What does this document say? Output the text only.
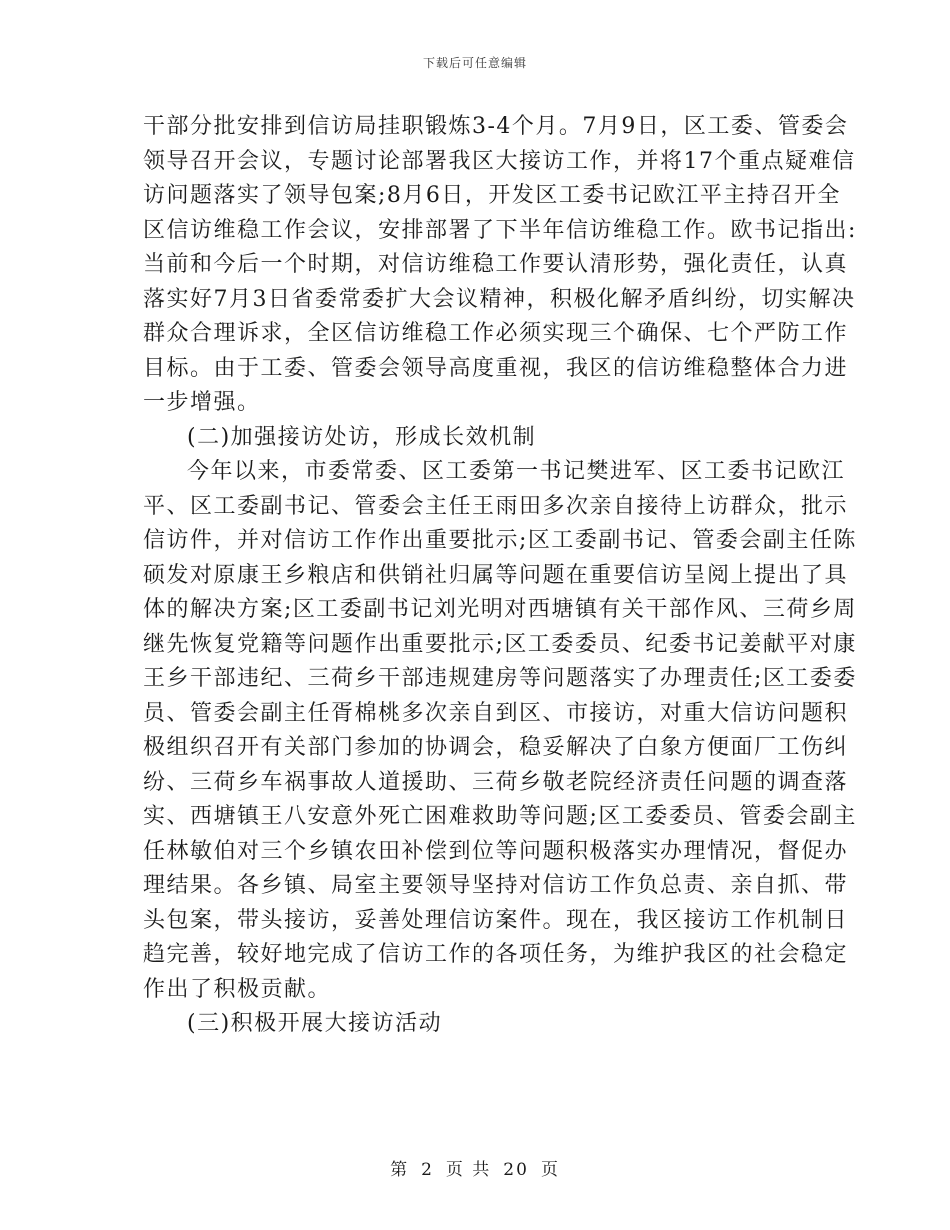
下载后可任意编辑
干部分批安排到信访局挂职锻炼3-4个月。7月9日，区工委、管委会
领导召开会议，专题讨论部署我区大接访工作，并将17个重点疑难信
访问题落实了领导包案;8月6日，开发区工委书记欧江平主持召开全
区信访维稳工作会议，安排部署了下半年信访维稳工作。欧书记指出:
当前和今后一个时期，对信访维稳工作要认清形势，强化责任，认真
落实好7月3日省委常委扩大会议精神，积极化解矛盾纠纷，切实解决
群众合理诉求，全区信访维稳工作必须实现三个确保、七个严防工作
目标。由于工委、管委会领导高度重视，我区的信访维稳整体合力进
一步增强。
(二)加强接访处访，形成长效机制
今年以来，市委常委、区工委第一书记樊进军、区工委书记欧江
平、区工委副书记、管委会主任王雨田多次亲自接待上访群众，批示
信访件，并对信访工作作出重要批示;区工委副书记、管委会副主任陈
硕发对原康王乡粮店和供销社归属等问题在重要信访呈阅上提出了具
体的解决方案;区工委副书记刘光明对西塘镇有关干部作风、三荷乡周
继先恢复党籍等问题作出重要批示;区工委委员、纪委书记姜献平对康
王乡干部违纪、三荷乡干部违规建房等问题落实了办理责任;区工委委
员、管委会副主任胥棉桃多次亲自到区、市接访，对重大信访问题积
极组织召开有关部门参加的协调会，稳妥解决了白象方便面厂工伤纠
纷、三荷乡车祸事故人道援助、三荷乡敬老院经济责任问题的调查落
实、西塘镇王八安意外死亡困难救助等问题;区工委委员、管委会副主
任林敏伯对三个乡镇农田补偿到位等问题积极落实办理情况，督促办
理结果。各乡镇、局室主要领导坚持对信访工作负总责、亲自抓、带
头包案，带头接访，妥善处理信访案件。现在，我区接访工作机制日
趋完善，较好地完成了信访工作的各项任务，为维护我区的社会稳定
作出了积极贡献。
(三)积极开展大接访活动
第 2 页 共 20 页
